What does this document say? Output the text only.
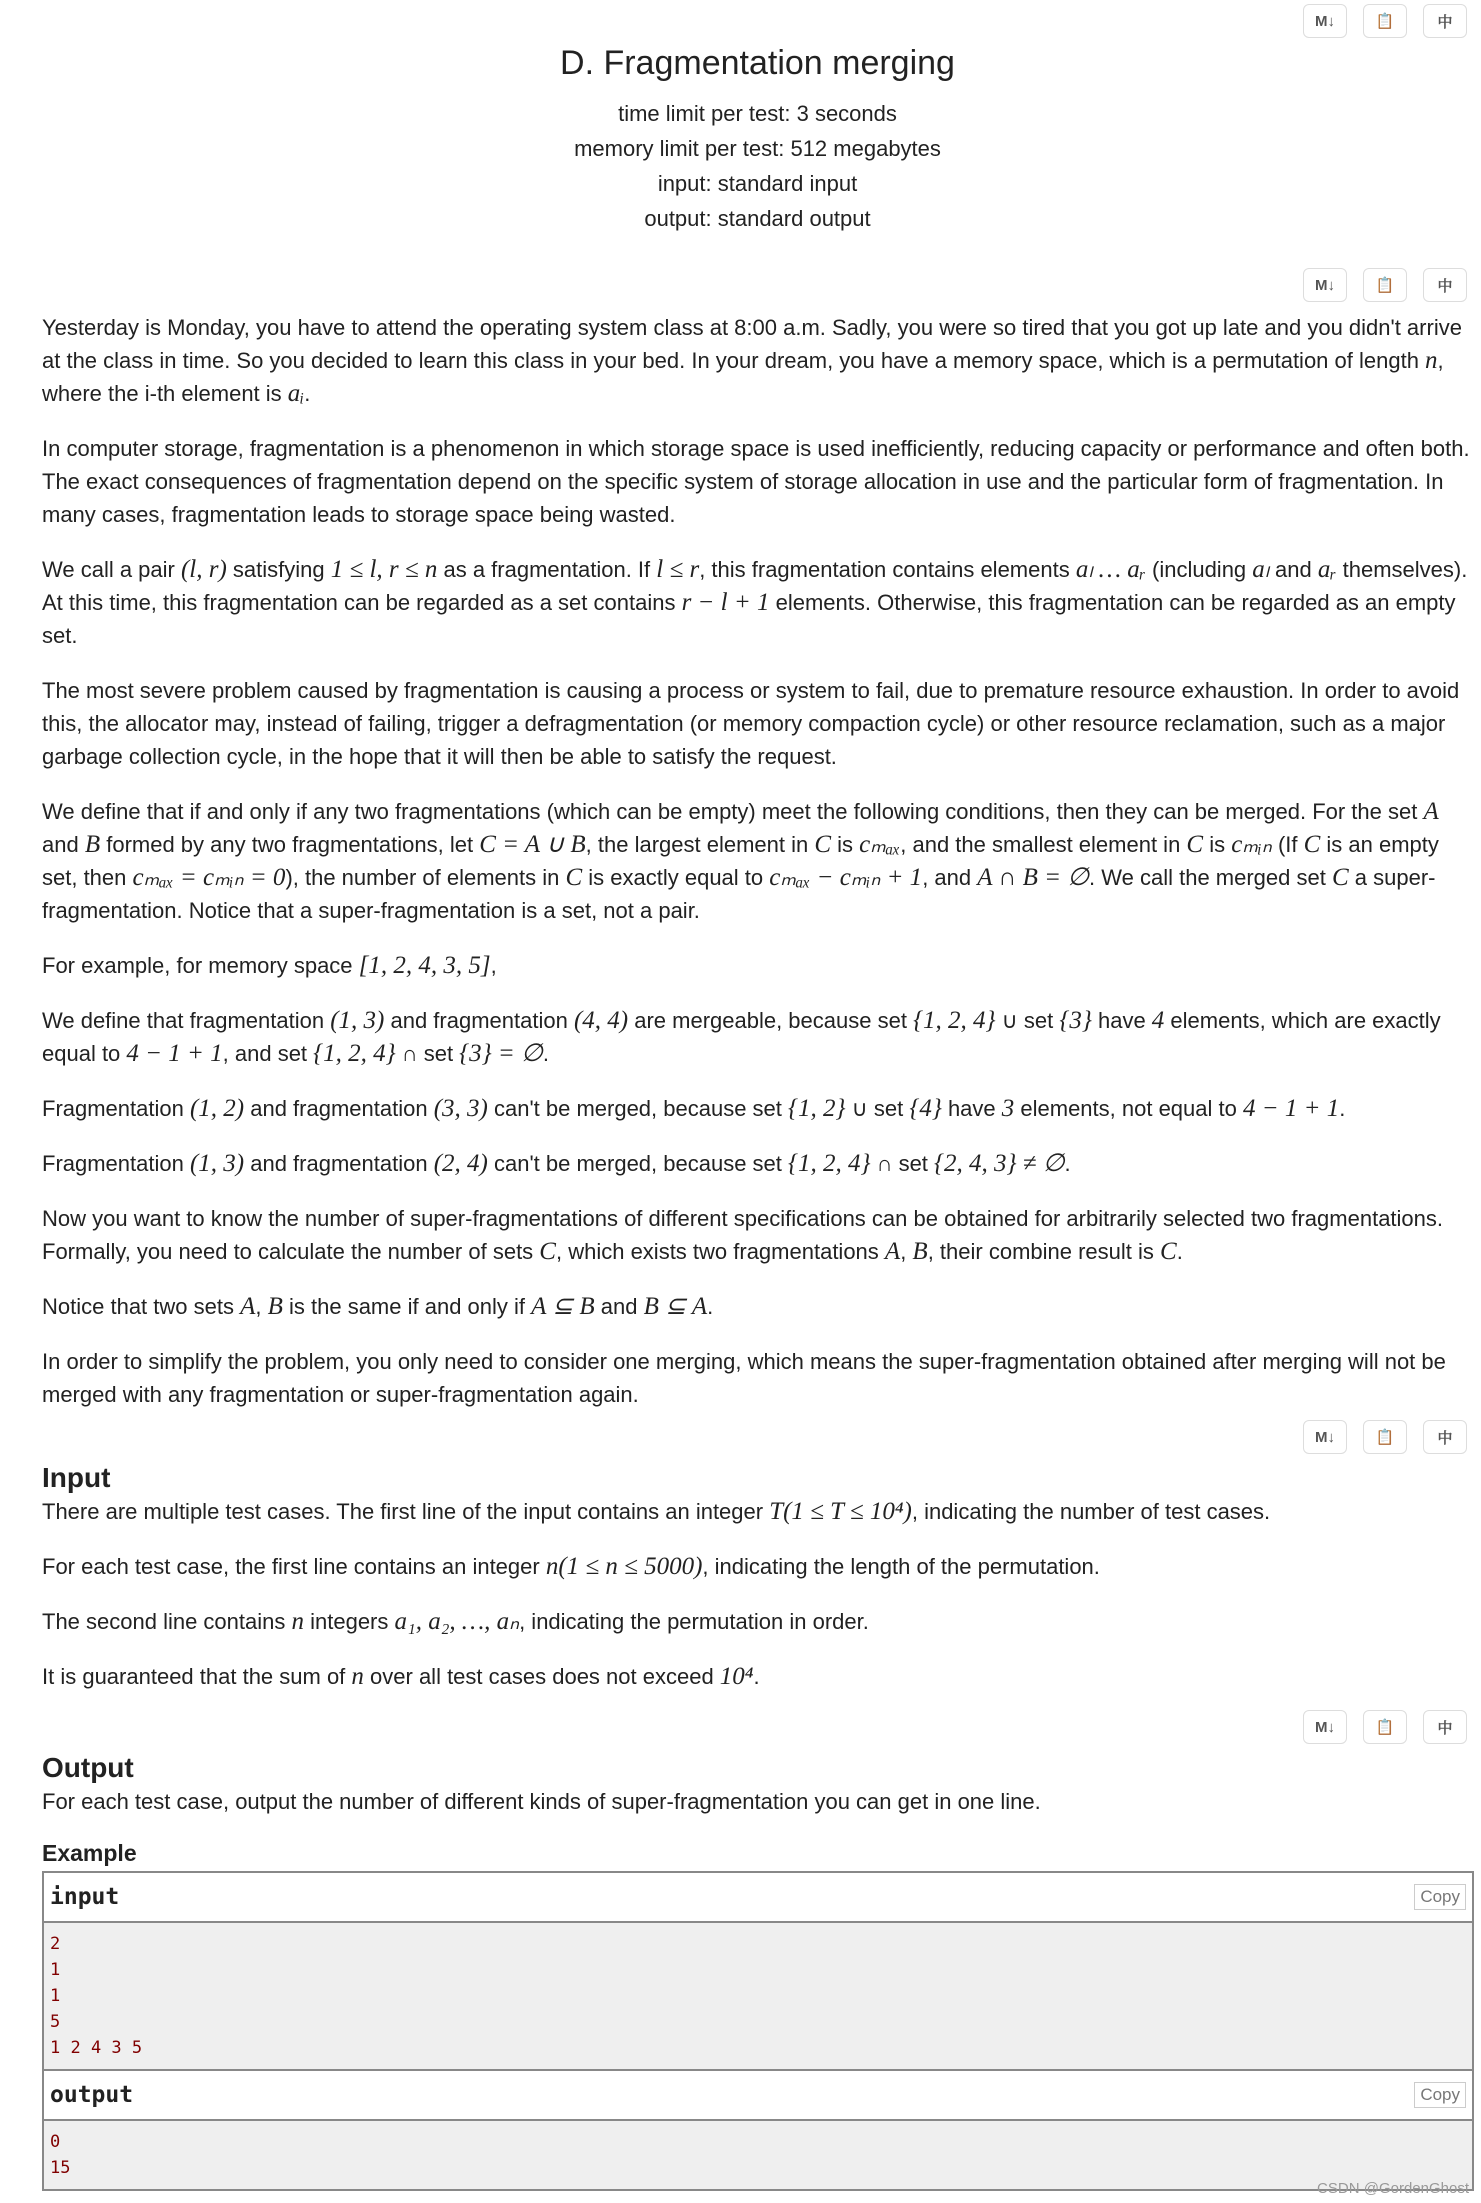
M↓	📋	中
D. Fragmentation merging
time limit per test: 3 seconds
memory limit per test: 512 megabytes
input: standard input
output: standard output
M↓	📋	中

Yesterday is Monday, you have to attend the operating system class at 8:00 a.m. Sadly, you were so tired that you got up late and you didn't arrive at the class in time. So you decided to learn this class in your bed. In your dream, you have a memory space, which is a permutation of length n, where the i-th element is aᵢ.

In computer storage, fragmentation is a phenomenon in which storage space is used inefficiently, reducing capacity or performance and often both. The exact consequences of fragmentation depend on the specific system of storage allocation in use and the particular form of fragmentation. In many cases, fragmentation leads to storage space being wasted.

We call a pair (l, r) satisfying 1 ≤ l, r ≤ n as a fragmentation. If l ≤ r, this fragmentation contains elements aₗ … aᵣ (including aₗ and aᵣ themselves). At this time, this fragmentation can be regarded as a set contains r − l + 1 elements. Otherwise, this fragmentation can be regarded as an empty set.

The most severe problem caused by fragmentation is causing a process or system to fail, due to premature resource exhaustion. In order to avoid this, the allocator may, instead of failing, trigger a defragmentation (or memory compaction cycle) or other resource reclamation, such as a major garbage collection cycle, in the hope that it will then be able to satisfy the request.

We define that if and only if any two fragmentations (which can be empty) meet the following conditions, then they can be merged. For the set A and B formed by any two fragmentations, let C = A ∪ B, the largest element in C is cₘₐₓ, and the smallest element in C is cₘᵢₙ (If C is an empty set, then cₘₐₓ = cₘᵢₙ = 0), the number of elements in C is exactly equal to cₘₐₓ − cₘᵢₙ + 1, and A ∩ B = ∅. We call the merged set C a super-fragmentation. Notice that a super-fragmentation is a set, not a pair.

For example, for memory space [1, 2, 4, 3, 5],

We define that fragmentation (1, 3) and fragmentation (4, 4) are mergeable, because set {1, 2, 4} ∪ set {3} have 4 elements, which are exactly equal to 4 − 1 + 1, and set {1, 2, 4} ∩ set {3} = ∅.

Fragmentation (1, 2) and fragmentation (3, 3) can't be merged, because set {1, 2} ∪ set {4} have 3 elements, not equal to 4 − 1 + 1.

Fragmentation (1, 3) and fragmentation (2, 4) can't be merged, because set {1, 2, 4} ∩ set {2, 4, 3} ≠ ∅.

Now you want to know the number of super-fragmentations of different specifications can be obtained for arbitrarily selected two fragmentations. Formally, you need to calculate the number of sets C, which exists two fragmentations A, B, their combine result is C.

Notice that two sets A, B is the same if and only if A ⊆ B and B ⊆ A.

In order to simplify the problem, you only need to consider one merging, which means the super-fragmentation obtained after merging will not be merged with any fragmentation or super-fragmentation again.

M↓	📋	中
Input

There are multiple test cases. The first line of the input contains an integer T(1 ≤ T ≤ 10⁴), indicating the number of test cases.

For each test case, the first line contains an integer n(1 ≤ n ≤ 5000), indicating the length of the permutation.

The second line contains n integers a₁, a₂, …, aₙ, indicating the permutation in order.

It is guaranteed that the sum of n over all test cases does not exceed 10⁴.

M↓	📋	中
Output

For each test case, output the number of different kinds of super-fragmentation you can get in one line.

Example
input	Copy
2
1
1
5
1 2 4 3 5
output	Copy
0
15
CSDN @GordenGhost
